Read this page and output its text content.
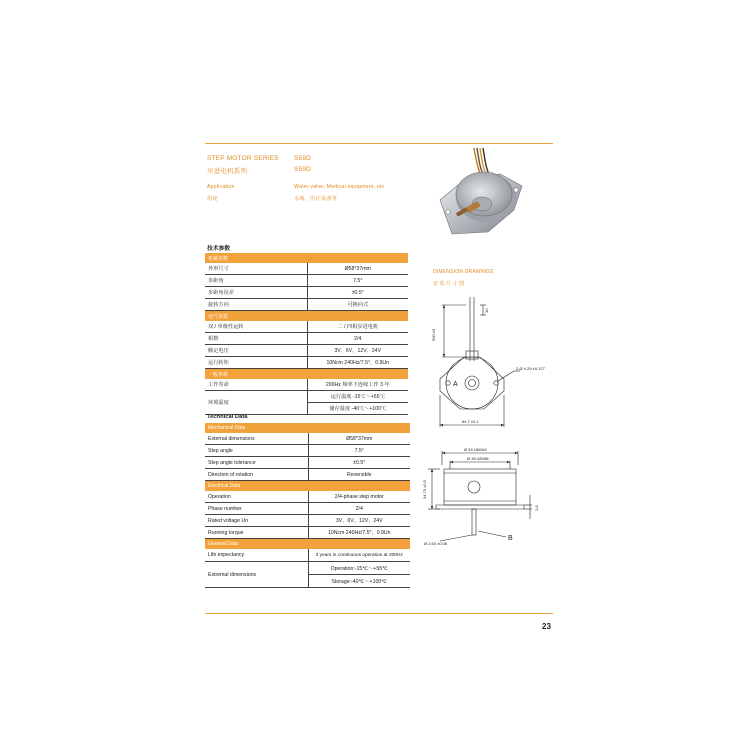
STEP MOTOR SERIES
步进电机系列
S59D
S59D
Application
用途
Water valve, Medical equipment, etc
水阀、医疗设备等
技术参数
机械参数	
外形尺寸	Ø58*37mm
步距角	7.5°
步距角误差	±0.5°
旋转方向	可换向式
电气参数	
双 / 单极性运转	二 / 四相步进电机
相数	2/4
额定电压	3V、6V、12V、24V
运行转矩	10Ncm 240Hz/7.5°，0.9Un
一般参数	
工作寿命	200Hz 频率下连续工作 3 年
环境温度	运行温度 -15℃～+55℃
	储存温度 -40℃～+100℃
Technical Data
Mechanical Data	
External dimensions	Ø58*37mm
Step angle	7.5°
Step angle tolerance	±0.5°
Direction of rotation	Reversible
Electrical Data	
Operation	2/4-phase step motor
Phase number	2/4
Rated voltage Un	3V、6V、12V、24V
Running torque	10Ncm 240Hz/7.5°，0.9Un
General Data	
Life expectancy	3 years in continuous operation at 200Hz
Extremal dimensions	Operation:-15℃～+55℃
	Storage:-40℃～+100℃
DIMENSION DRAWINGS
安装尺寸图
500 ±5
10
2-Ø 4.29 ±0.127
64.7 ±0.1
A
Ø 59.18MAX
Ø 38.42MIN
34.73 ±0.5
1.8
Ø 2.54 ±0.08
B
23
